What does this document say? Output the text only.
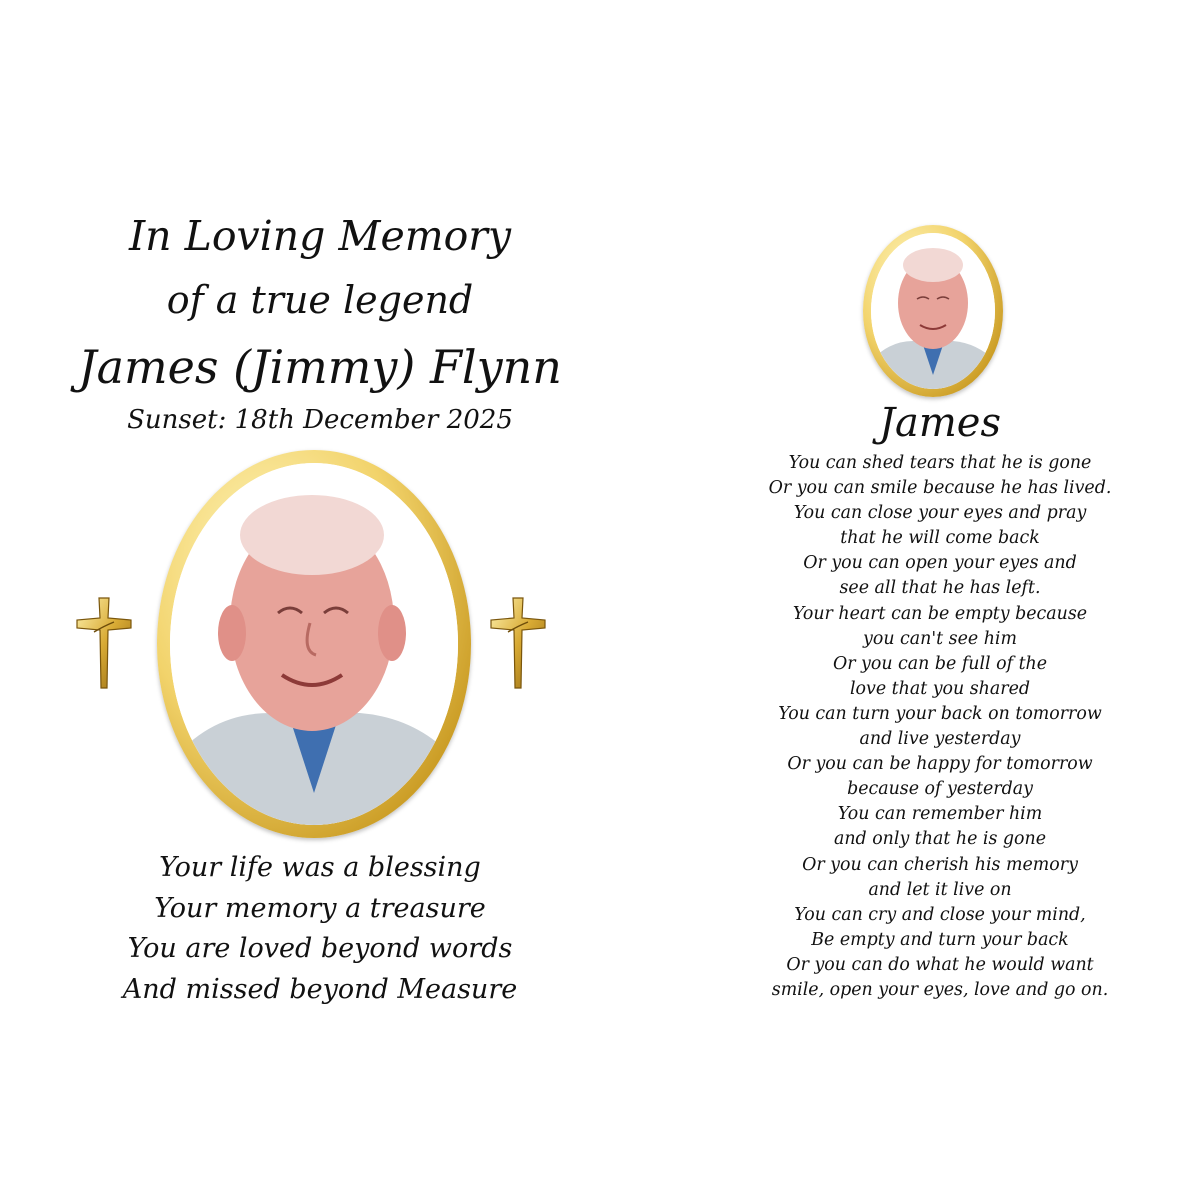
In Loving Memory
of a true legend
James (Jimmy) Flynn
Sunset: 18th December 2025
Your life was a blessing
Your memory a treasure
You are loved beyond words
And missed beyond Measure
James
You can shed tears that he is gone
Or you can smile because he has lived.
You can close your eyes and pray
that he will come back
Or you can open your eyes and
see all that he has left.
Your heart can be empty because
you can't see him
Or you can be full of the
love that you shared
You can turn your back on tomorrow
and live yesterday
Or you can be happy for tomorrow
because of yesterday
You can remember him
and only that he is gone
Or you can cherish his memory
and let it live on
You can cry and close your mind,
Be empty and turn your back
Or you can do what he would want
smile, open your eyes, love and go on.
